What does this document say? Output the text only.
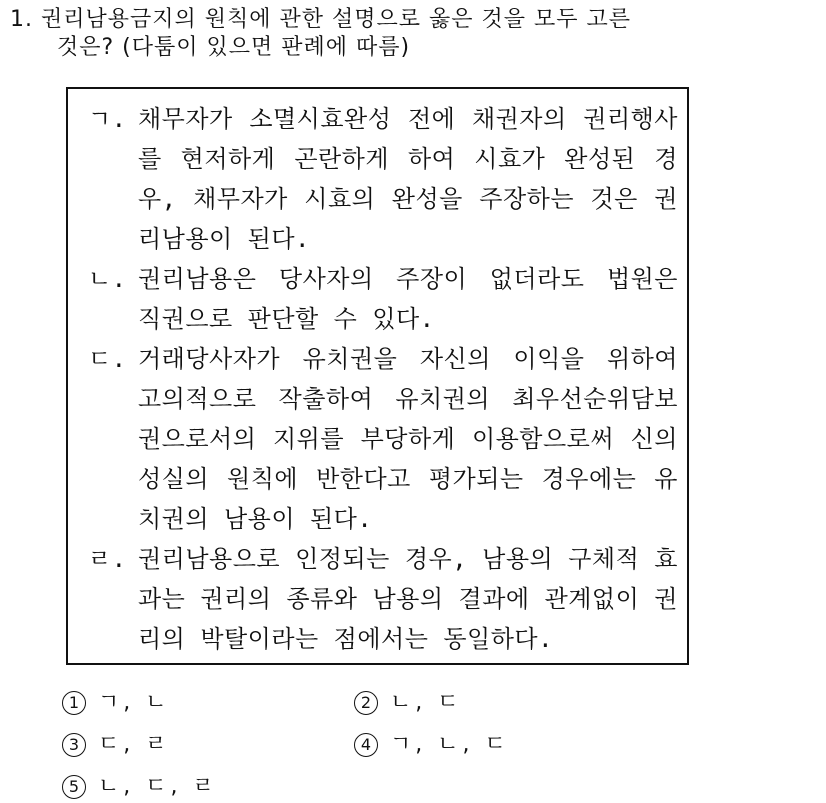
1. 권리남용금지의 원칙에 관한 설명으로 옳은 것을 모두 고른
것은? (다툼이 있으면 판례에 따름)
ㄱ. 채무자가 소멸시효완성 전에 채권자의 권리행사를 현저하게 곤란하게 하여 시효가 완성된 경우, 채무자가 시효의 완성을 주장하는 것은 권리남용이 된다.
ㄴ. 권리남용은 당사자의 주장이 없더라도 법원은 직권으로 판단할 수 있다.
ㄷ. 거래당사자가 유치권을 자신의 이익을 위하여 고의적으로 작출하여 유치권의 최우선순위담보권으로서의 지위를 부당하게 이용함으로써 신의 성실의 원칙에 반한다고 평가되는 경우에는 유치권의 남용이 된다.
ㄹ. 권리남용으로 인정되는 경우, 남용의 구체적 효과는 권리의 종류와 남용의 결과에 관계없이 권리의 박탈이라는 점에서는 동일하다.
1 ㄱ, ㄴ	2 ㄴ, ㄷ
3 ㄷ, ㄹ	4 ㄱ, ㄴ, ㄷ
5 ㄴ, ㄷ, ㄹ
